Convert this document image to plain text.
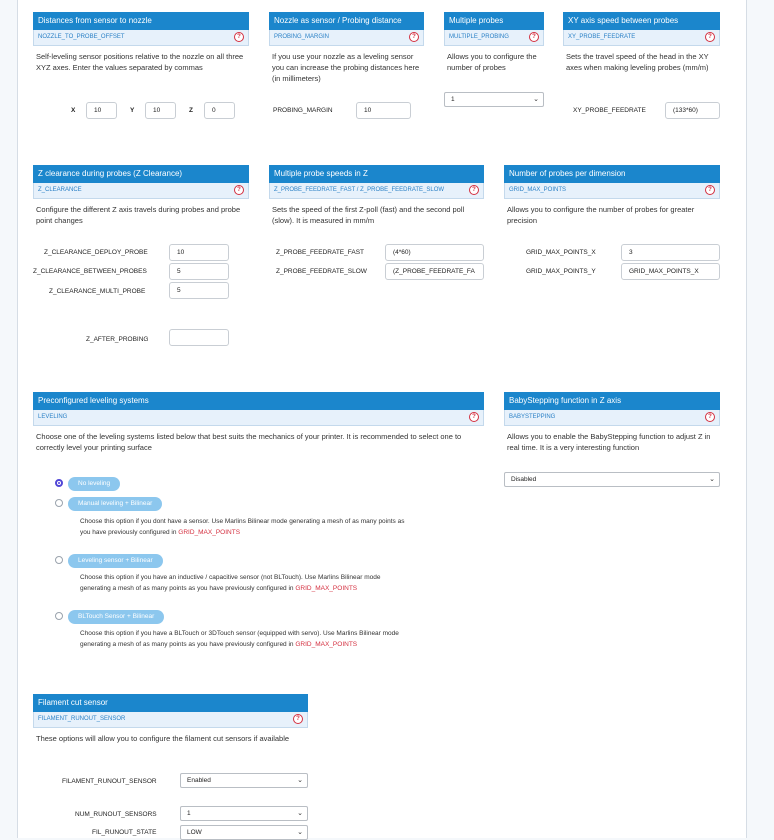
Distances from sensor to nozzle
NOZZLE_TO_PROBE_OFFSET	?
Self-leveling sensor positions relative to the nozzle on all three XYZ axes. Enter the values separated by commas
X	10	Y	10	Z	0
Nozzle as sensor / Probing distance
PROBING_MARGIN	?
If you use your nozzle as a leveling sensor you can increase the probing distances here (in millimeters)
PROBING_MARGIN	10
Multiple probes
MULTIPLE_PROBING	?
Allows you to configure the number of probes
1	⌄
XY axis speed between probes
XY_PROBE_FEEDRATE	?
Sets the travel speed of the head in the XY axes when making leveling probes (mm/m)
XY_PROBE_FEEDRATE	(133*60)
Z clearance during probes (Z Clearance)
Z_CLEARANCE	?
Configure the different Z axis travels during probes and probe point changes
Z_CLEARANCE_DEPLOY_PROBE	10
Z_CLEARANCE_BETWEEN_PROBES	5
Z_CLEARANCE_MULTI_PROBE	5
Z_AFTER_PROBING
Multiple probe speeds in Z
Z_PROBE_FEEDRATE_FAST / Z_PROBE_FEEDRATE_SLOW	?
Sets the speed of the first Z-poll (fast) and the second poll (slow). It is measured in mm/m
Z_PROBE_FEEDRATE_FAST	(4*60)
Z_PROBE_FEEDRATE_SLOW	(Z_PROBE_FEEDRATE_FA
Number of probes per dimension
GRID_MAX_POINTS	?
Allows you to configure the number of probes for greater precision
GRID_MAX_POINTS_X	3
GRID_MAX_POINTS_Y	GRID_MAX_POINTS_X
Preconfigured leveling systems
LEVELING	?
Choose one of the leveling systems listed below that best suits the mechanics of your printer. It is recommended to select one to correctly level your printing surface
No leveling
Manual leveling + Bilinear
Choose this option if you dont have a sensor. Use Marlins Bilinear mode generating a mesh of as many points as
you have previously configured in GRID_MAX_POINTS
Leveling sensor + Bilinear
Choose this option if you have an inductive / capacitive sensor (not BLTouch). Use Marlins Bilinear mode
generating a mesh of as many points as you have previously configured in GRID_MAX_POINTS
BLTouch Sensor + Bilinear
Choose this option if you have a BLTouch or 3DTouch sensor (equipped with servo). Use Marlins Bilinear mode
generating a mesh of as many points as you have previously configured in GRID_MAX_POINTS
BabyStepping function in Z axis
BABYSTEPPING	?
Allows you to enable the BabyStepping function to adjust Z in real time. It is a very interesting function
Disabled	⌄
Filament cut sensor
FILAMENT_RUNOUT_SENSOR	?
These options will allow you to configure the filament cut sensors if available
FILAMENT_RUNOUT_SENSOR	Enabled	⌄
NUM_RUNOUT_SENSORS	1	⌄
FIL_RUNOUT_STATE	LOW	⌄
